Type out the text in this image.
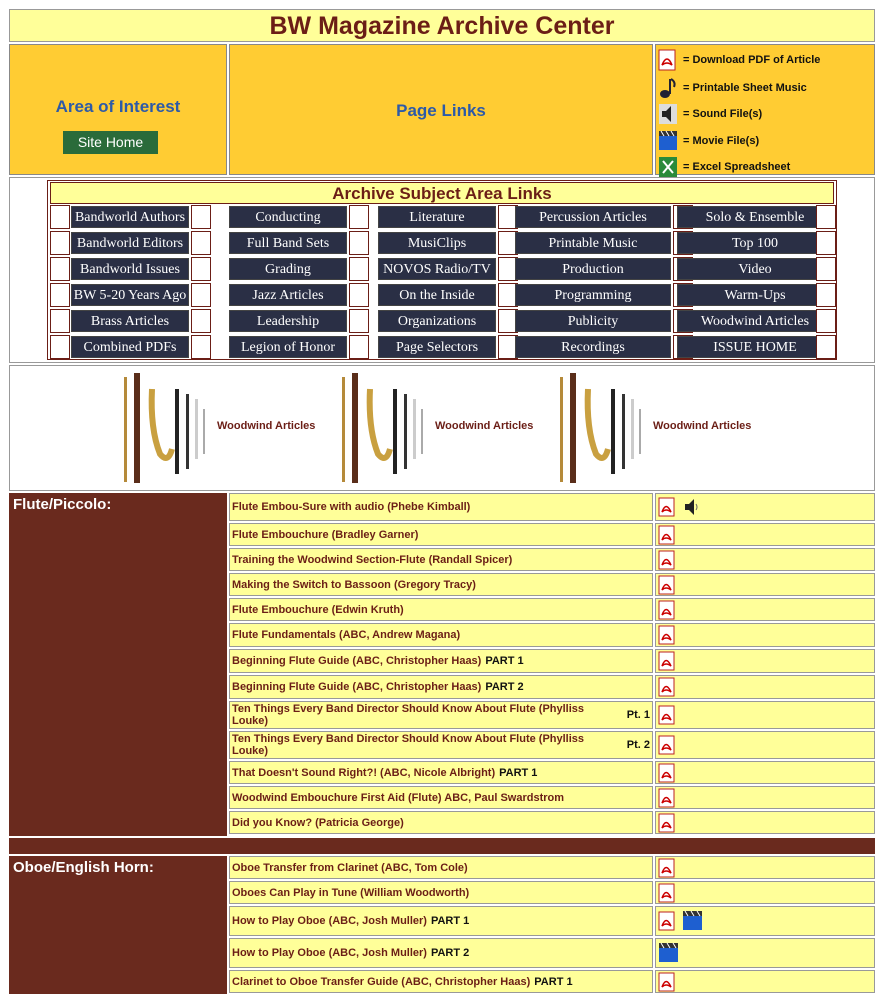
BW Magazine Archive Center
Area of Interest
Site Home
Page Links
= Download PDF of Article
= Printable Sheet Music
= Sound File(s)
= Movie File(s)
= Excel Spreadsheet
Archive Subject Area Links
Bandworld Authors	Conducting	Literature	Percussion Articles	Solo & Ensemble
Bandworld Editors	Full Band Sets	MusiClips	Printable Music	Top 100
Bandworld Issues	Grading	NOVOS Radio/TV	Production	Video
BW 5-20 Years Ago	Jazz Articles	On the Inside	Programming	Warm-Ups
Brass Articles	Leadership	Organizations	Publicity	Woodwind Articles
Combined PDFs	Legion of Honor	Page Selectors	Recordings	ISSUE HOME
Woodwind Articles	Woodwind Articles	Woodwind Articles
Flute/Piccolo:	Flute Embou-Sure with audio (Phebe Kimball)
Flute Embouchure (Bradley Garner)
Training the Woodwind Section-Flute (Randall Spicer)
Making the Switch to Bassoon (Gregory Tracy)
Flute Embouchure (Edwin Kruth)
Flute Fundamentals (ABC, Andrew Magana)
Beginning Flute Guide (ABC, Christopher Haas) PART 1
Beginning Flute Guide (ABC, Christopher Haas) PART 2
Ten Things Every Band Director Should Know About Flute (Phylliss Louke)	Pt. 1
Ten Things Every Band Director Should Know About Flute (Phylliss Louke)	Pt. 2
That Doesn't Sound Right?! (ABC, Nicole Albright) PART 1
Woodwind Embouchure First Aid (Flute) ABC, Paul Swardstrom
Did you Know? (Patricia George)
Oboe/English Horn:	Oboe Transfer from Clarinet (ABC, Tom Cole)
Oboes Can Play in Tune (William Woodworth)
How to Play Oboe (ABC, Josh Muller) PART 1
How to Play Oboe (ABC, Josh Muller) PART 2
Clarinet to Oboe Transfer Guide (ABC, Christopher Haas) PART 1
